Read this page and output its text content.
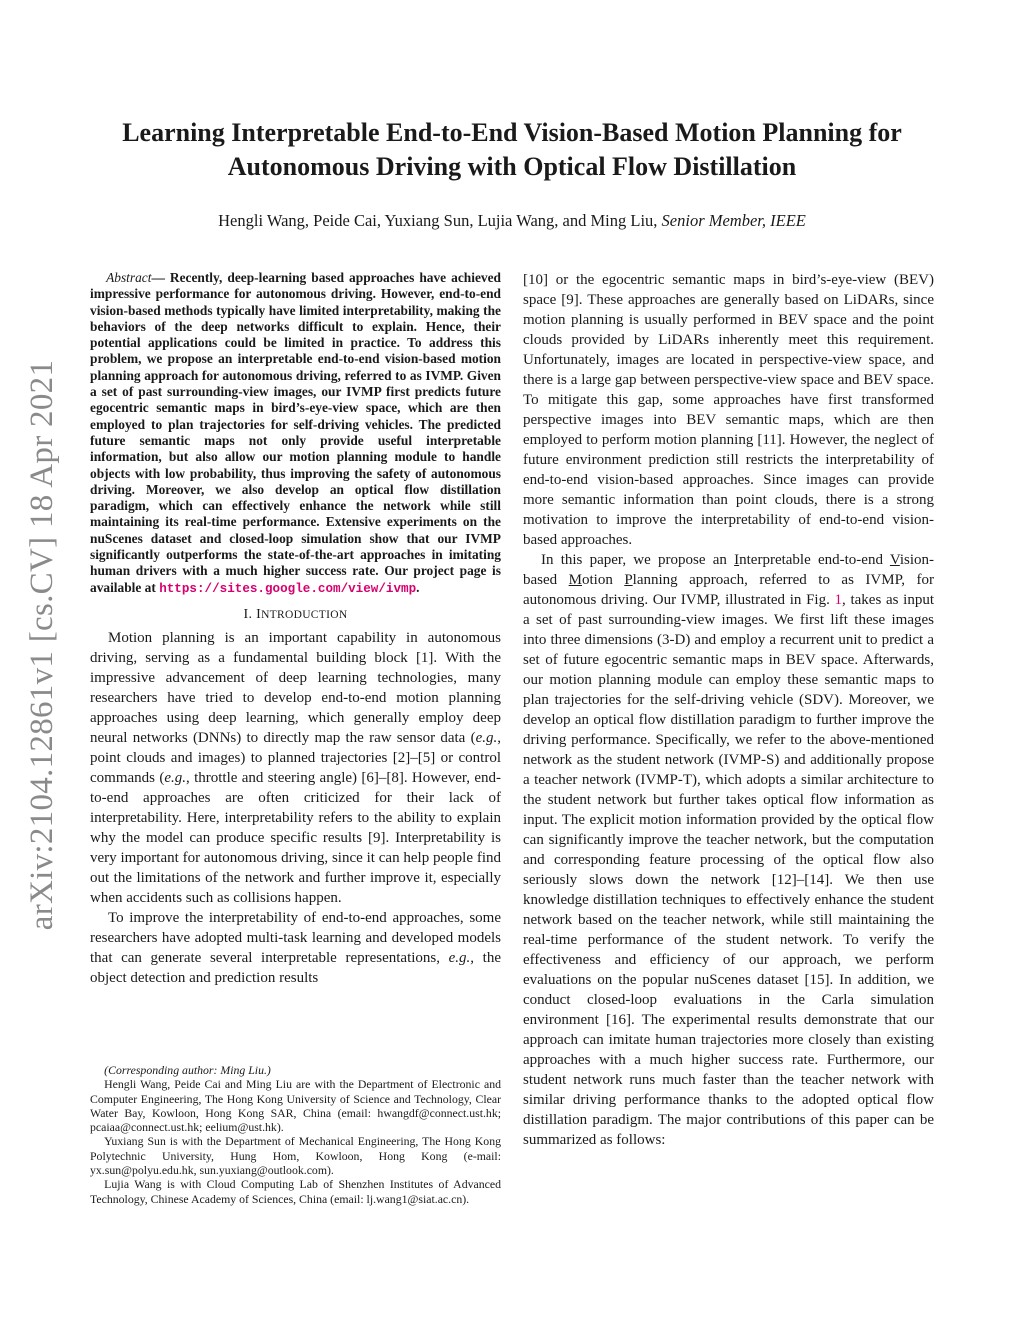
arXiv:2104.12861v1 [cs.CV] 18 Apr 2021
Learning Interpretable End-to-End Vision-Based Motion Planning for
Autonomous Driving with Optical Flow Distillation
Hengli Wang, Peide Cai, Yuxiang Sun, Lujia Wang, and Ming Liu, Senior Member, IEEE

Abstract— Recently, deep-learning based approaches have achieved impressive performance for autonomous driving. However, end-to-end vision-based methods typically have limited interpretability, making the behaviors of the deep networks difficult to explain. Hence, their potential applications could be limited in practice. To address this problem, we propose an interpretable end-to-end vision-based motion planning approach for autonomous driving, referred to as IVMP. Given a set of past surrounding-view images, our IVMP first predicts future egocentric semantic maps in bird’s-eye-view space, which are then employed to plan trajectories for self-driving vehicles. The predicted future semantic maps not only provide useful interpretable information, but also allow our motion planning module to handle objects with low probability, thus improving the safety of autonomous driving. Moreover, we also develop an optical flow distillation paradigm, which can effectively enhance the network while still maintaining its real-time performance. Extensive experiments on the nuScenes dataset and closed-loop simulation show that our IVMP significantly outperforms the state-of-the-art approaches in imitating human drivers with a much higher success rate. Our project page is available at https://sites.google.com/view/ivmp.

I. INTRODUCTION

Motion planning is an important capability in autonomous driving, serving as a fundamental building block [1]. With the impressive advancement of deep learning technologies, many researchers have tried to develop end-to-end motion planning approaches using deep learning, which generally employ deep neural networks (DNNs) to directly map the raw sensor data (e.g., point clouds and images) to planned trajectories [2]–[5] or control commands (e.g., throttle and steering angle) [6]–[8]. However, end-to-end approaches are often criticized for their lack of interpretability. Here, interpretability refers to the ability to explain why the model can produce specific results [9]. Interpretability is very important for autonomous driving, since it can help people find out the limitations of the network and further improve it, especially when accidents such as collisions happen.

To improve the interpretability of end-to-end approaches, some researchers have adopted multi-task learning and developed models that can generate several interpretable representations, e.g., the object detection and prediction results

(Corresponding author: Ming Liu.)

Hengli Wang, Peide Cai and Ming Liu are with the Department of Electronic and Computer Engineering, The Hong Kong University of Science and Technology, Clear Water Bay, Kowloon, Hong Kong SAR, China (email: hwangdf@connect.ust.hk; pcaiaa@connect.ust.hk; eelium@ust.hk).

Yuxiang Sun is with the Department of Mechanical Engineering, The Hong Kong Polytechnic University, Hung Hom, Kowloon, Hong Kong (e-mail: yx.sun@polyu.edu.hk, sun.yuxiang@outlook.com).

Lujia Wang is with Cloud Computing Lab of Shenzhen Institutes of Advanced Technology, Chinese Academy of Sciences, China (email: lj.wang1@siat.ac.cn).

[10] or the egocentric semantic maps in bird’s-eye-view (BEV) space [9]. These approaches are generally based on LiDARs, since motion planning is usually performed in BEV space and the point clouds provided by LiDARs inherently meet this requirement. Unfortunately, images are located in perspective-view space, and there is a large gap between perspective-view space and BEV space. To mitigate this gap, some approaches have first transformed perspective images into BEV semantic maps, which are then employed to perform motion planning [11]. However, the neglect of future environment prediction still restricts the interpretability of end-to-end vision-based approaches. Since images can provide more semantic information than point clouds, there is a strong motivation to improve the interpretability of end-to-end vision-based approaches.

In this paper, we propose an Interpretable end-to-end Vision-based Motion Planning approach, referred to as IVMP, for autonomous driving. Our IVMP, illustrated in Fig. 1, takes as input a set of past surrounding-view images. We first lift these images into three dimensions (3-D) and employ a recurrent unit to predict a set of future egocentric semantic maps in BEV space. Afterwards, our motion planning module can employ these semantic maps to plan trajectories for the self-driving vehicle (SDV). Moreover, we develop an optical flow distillation paradigm to further improve the driving performance. Specifically, we refer to the above-mentioned network as the student network (IVMP-S) and additionally propose a teacher network (IVMP-T), which adopts a similar architecture to the student network but further takes optical flow information as input. The explicit motion information provided by the optical flow can significantly improve the teacher network, but the computation and corresponding feature processing of the optical flow also seriously slows down the network [12]–[14]. We then use knowledge distillation techniques to effectively enhance the student network based on the teacher network, while still maintaining the real-time performance of the student network. To verify the effectiveness and efficiency of our approach, we perform evaluations on the popular nuScenes dataset [15]. In addition, we conduct closed-loop evaluations in the Carla simulation environment [16]. The experimental results demonstrate that our approach can imitate human trajectories more closely than existing approaches with a much higher success rate. Furthermore, our student network runs much faster than the teacher network with similar driving performance thanks to the adopted optical flow distillation paradigm. The major contributions of this paper can be summarized as follows:
